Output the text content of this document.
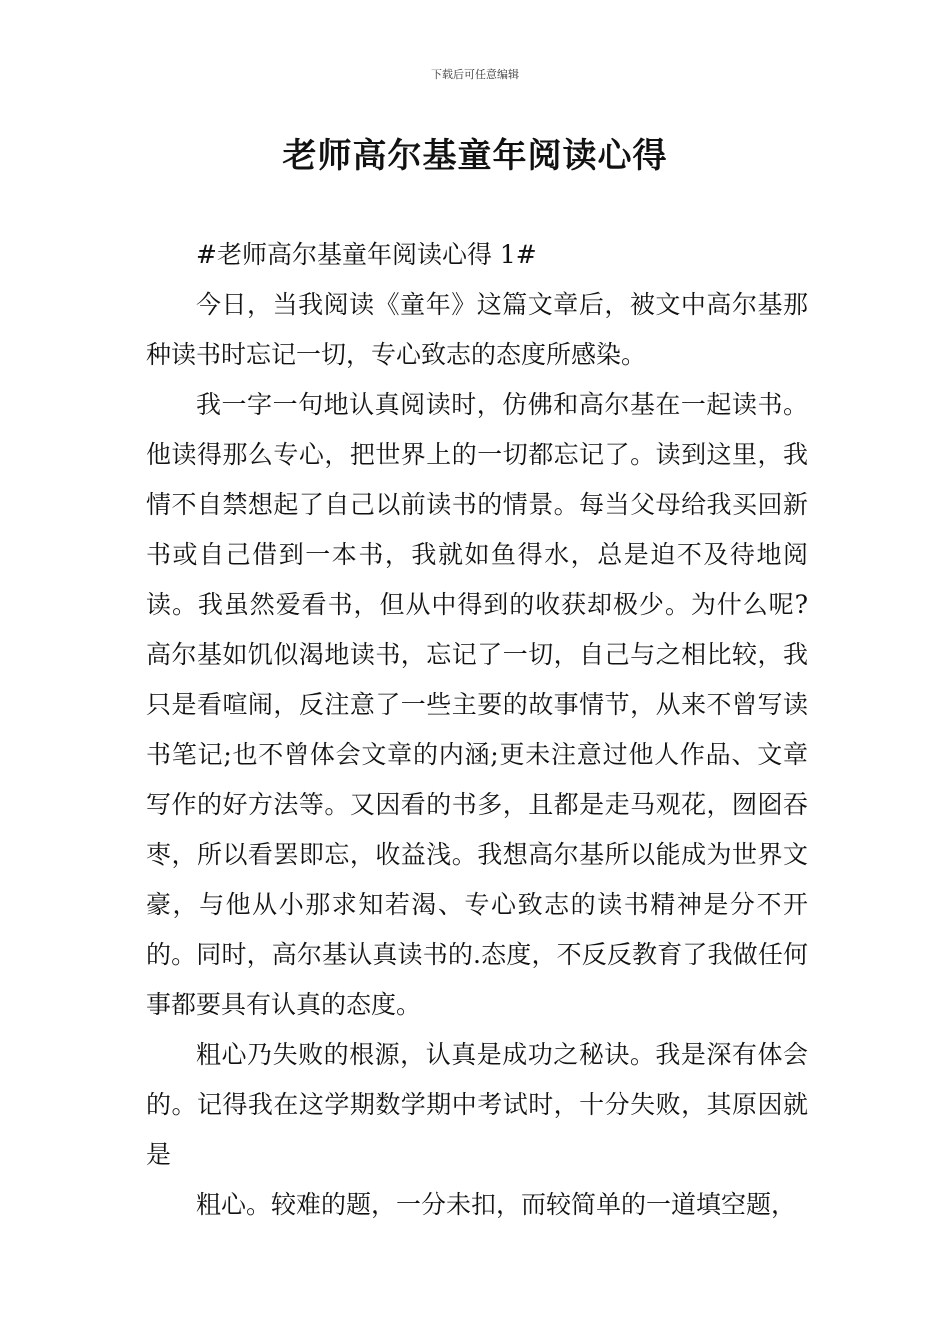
下载后可任意编辑
老师高尔基童年阅读心得

#老师高尔基童年阅读心得 1#

今日，当我阅读《童年》这篇文章后，被文中高尔基那种读书时忘记一切，专心致志的态度所感染。

我一字一句地认真阅读时，仿佛和高尔基在一起读书。他读得那么专心，把世界上的一切都忘记了。读到这里，我情不自禁想起了自己以前读书的情景。每当父母给我买回新书或自己借到一本书，我就如鱼得水，总是迫不及待地阅读。我虽然爱看书，但从中得到的收获却极少。为什么呢?高尔基如饥似渴地读书，忘记了一切，自己与之相比较，我只是看喧闹，反注意了一些主要的故事情节，从来不曾写读书笔记;也不曾体会文章的内涵;更未注意过他人作品、文章写作的好方法等。又因看的书多，且都是走马观花，囫囵吞枣，所以看罢即忘，收益浅。我想高尔基所以能成为世界文豪，与他从小那求知若渴、专心致志的读书精神是分不开的。同时，高尔基认真读书的.态度，不反反教育了我做任何事都要具有认真的态度。

粗心乃失败的根源，认真是成功之秘诀。我是深有体会的。记得我在这学期数学期中考试时，十分失败，其原因就是

粗心。较难的题，一分未扣，而较简单的一道填空题，
